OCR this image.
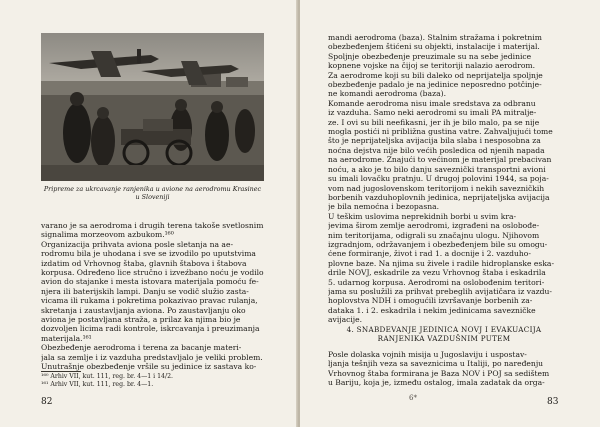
Pripreme za ukrcavanje ranjenika u avione na aerodromu Krasinec
u Sloveniji
varano je sa aerodroma i drugih terena takoše svetlosnim
signalima morzeovom azbukom.¹⁶⁰
Organizacija prihvata aviona posle sletanja na ae-
rodromu bila je uhodana i sve se izvodilo po uputstvima
izdatim od Vrhovnog štaba, glavnih štabova i štabova
korpusa. Određeno lice stručno i izveźbano noću je vodilo
avion do stajanke i mesta istovara materijala pomoću fe-
njera ili baterijskih lampi. Danju se vodič služio zasta-
vicama ili rukama i pokretima pokazivao pravac rulanja,
skretanja i zaustavljanja aviona. Po zaustavljanju oko
aviona je postavljana straža, a prilaz ka njima bio je
dozvoljen licima radi kontrole, iskrcavanja i preuzimanja
materijala.¹⁶¹
Obezbeđenje aerodroma i terena za bacanje materi-
jala sa zemlje i iz vazduha predstavljalo je veliki problem.
Unutrašnje obezbeđenje vršile su jedinice iz sastava ko-
¹⁶⁰ Arhiv VII, kut. 111, reg. br. 4—1 i 14/2.
¹⁶¹ Arhiv VII, kut. 111, reg. br. 4—1.
82
mandi aerodroma (baza). Stalnim stražama i pokretnim
obezbeđenjem štićeni su objekti, instalacije i materijal.
Spoljnje obezbeđenje preuzimale su na sebe jedinice
kopnene vojske na čijoj se teritoriji nalazio aerodrom.
Za aerodrome koji su bili daleko od neprijatelja spoljnje
obezbeđenje padalo je na jedinice neposredno potčinje-
ne komandi aerodroma (baza).
Komande aerodroma nisu imale sredstava za odbranu
iz vazduha. Samo neki aerodromi su imali PA mitralje-
ze. I ovi su bili neefikasni, jer ih je bilo malo, pa se nije
mogla postići ni približna gustina vatre. Zahvaljujući tome
što je neprijateljska avijacija bila slaba i nesposobna za
noćna dejstva nije bilo većih posledica od njenih napada
na aerodrome. Znajući to većinom je materijal prebacivan
noću, a ako je to bilo danju saveznički transportni avioni
su imali lovačku pratnju. U drugoj polovini 1944, sa poja-
vom nad jugoslovenskom teritorijom i nekih savezničkih
borbenih vazduhoplovnih jedinica, neprijateljska avijacija
je bila nemoćna i bezopasna.
U teškim uslovima neprekidnih borbi u svim kra-
jevima širom zemlje aerodromi, izgrađeni na oslobođe-
nim teritorijama, odigrali su značajnu ulogu. Njihovom
izgradnjom, održavanjem i obezbeđenjem bile su omogu-
ćene formiranje, život i rad 1. a docnije i 2. vazduho-
plovne baze. Na njima su živele i radile hidroplanske eskа-
drile NOVJ, eskadrile za vezu Vrhovnog štaba i eskadrila
5. udarnog korpusa. Aerodromi na oslobođenim teritori-
jama su poslužili za prihvat prebeglih avijatičara iz vazdu-
hoplovstva NDH i omogućili izvršavanje borbenih za-
dataka 1. i 2. eskadrila i nekim jedinicama savezničke
avijacije.
4. SNABDEVANJE JEDINICA NOVJ I EVAKUACIJA
RANJENIKA VAZDUŠNIM PUTEM
Posle dolaska vojnih misija u Jugoslaviju i uspostav-
ljanja tešnjih veza sa saveznicima u Italiji, po naređenju
Vrhovnog štaba formirana je Baza NOV i POJ sa sedištem
u Bariju, koja je, između ostalog, imala zadatak da orga-
6*	83
